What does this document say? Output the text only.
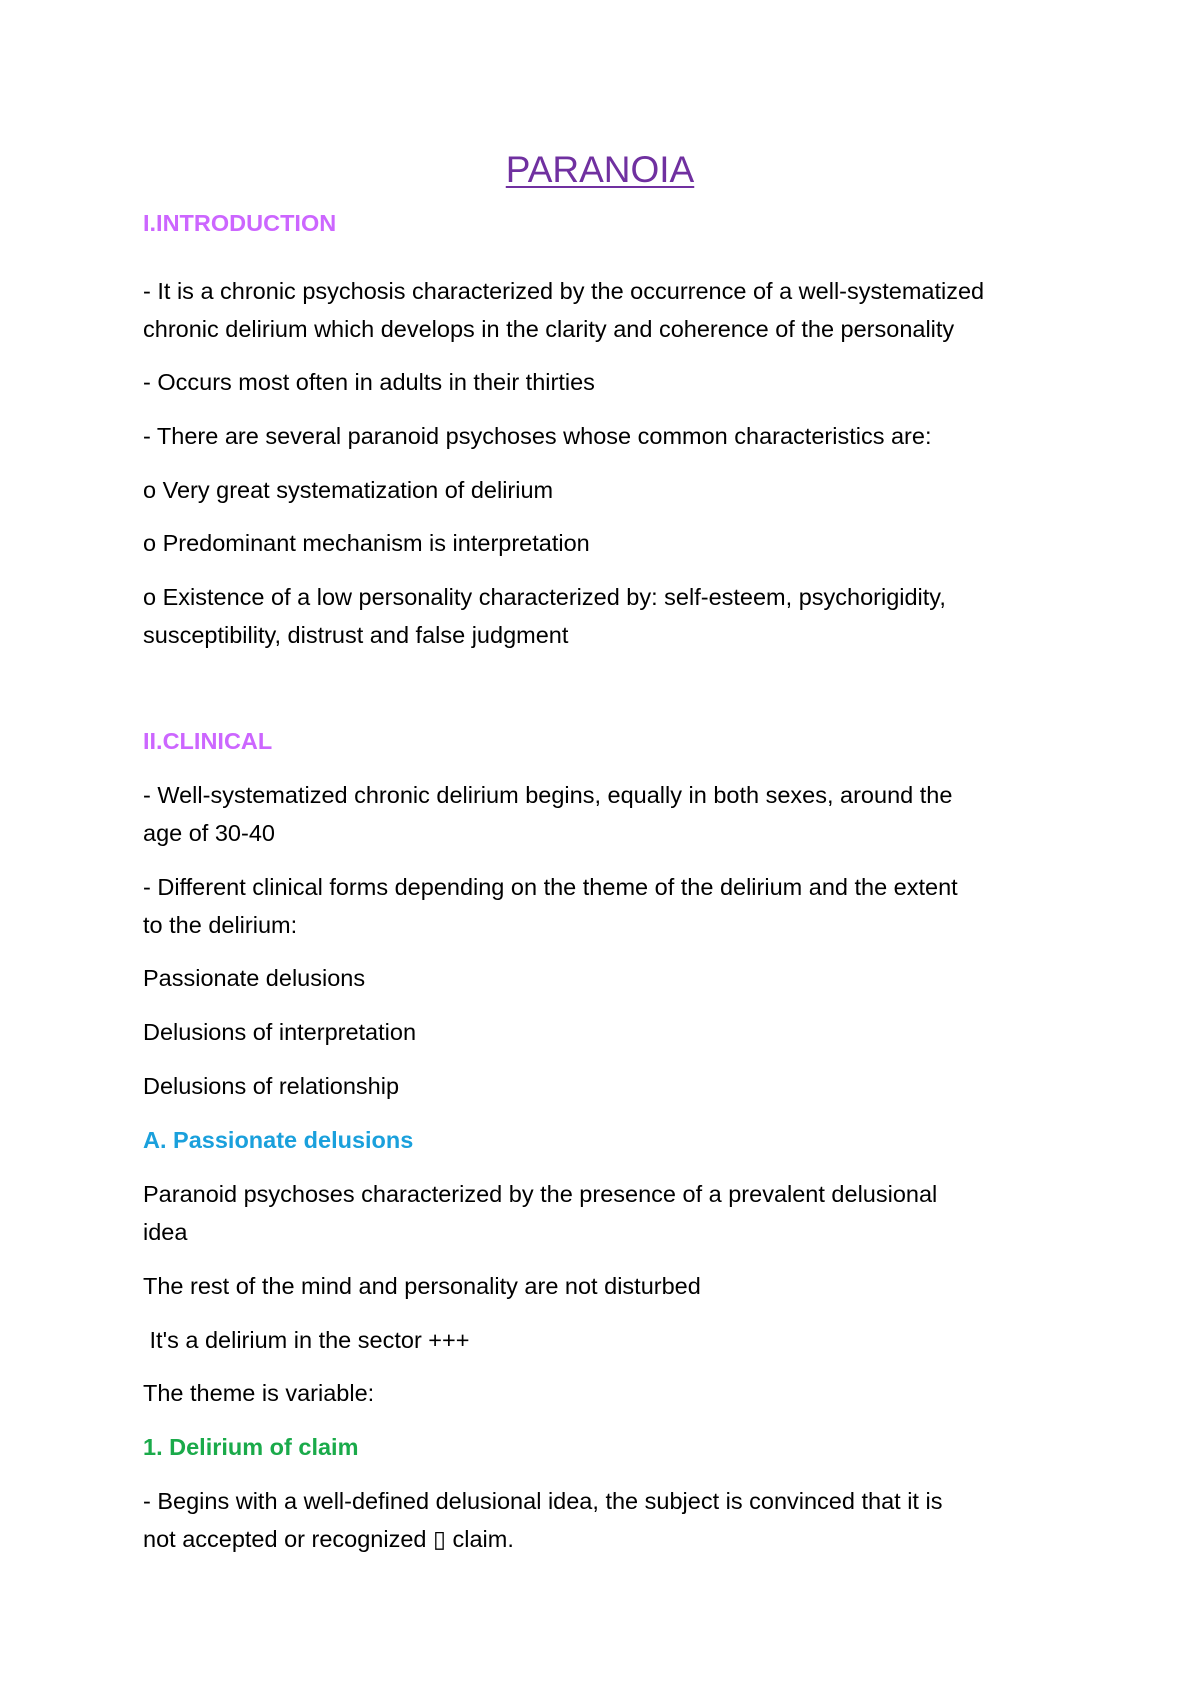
PARANOIA
I.INTRODUCTION
- It is a chronic psychosis characterized by the occurrence of a well-systematized
chronic delirium which develops in the clarity and coherence of the personality
- Occurs most often in adults in their thirties
- There are several paranoid psychoses whose common characteristics are:
o Very great systematization of delirium
o Predominant mechanism is interpretation
o Existence of a low personality characterized by: self-esteem, psychorigidity,
susceptibility, distrust and false judgment
II.CLINICAL
- Well-systematized chronic delirium begins, equally in both sexes, around the
age of 30-40
- Different clinical forms depending on the theme of the delirium and the extent
to the delirium:
Passionate delusions
Delusions of interpretation
Delusions of relationship
A. Passionate delusions
Paranoid psychoses characterized by the presence of a prevalent delusional
idea
The rest of the mind and personality are not disturbed
It's a delirium in the sector +++
The theme is variable:
1. Delirium of claim
- Begins with a well-defined delusional idea, the subject is convinced that it is
not accepted or recognized ▯ claim.
